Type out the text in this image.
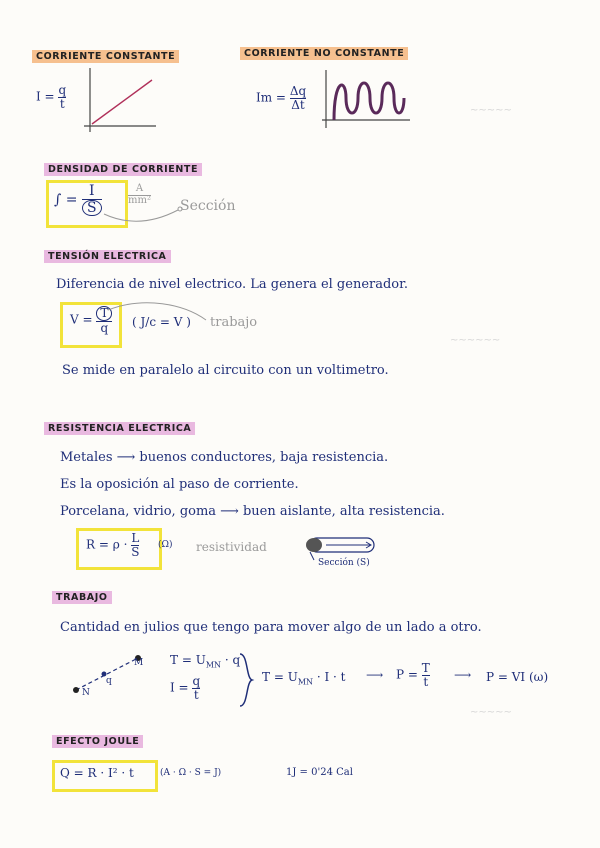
CORRIENTE CONSTANTE	CORRIENTE NO CONSTANTE
DENSIDAD DE CORRIENTE
TENSIÓN ELECTRICA
RESISTENCIA ELECTRICA
TRABAJO
EFECTO JOULE
~~~~~
~~~~~~
~~~~~
$I = \frac{q}{t}$	$Im = \frac{\Delta q}{\Delta t}$
∫ = $\frac{I}{S}$	$\frac{A}{\text{mm²}}$ Sección
Diferencia de nivel electrico. La genera el generador.
$V = \frac{T}{q}$ ( J/c = V ) trabajo
Se mide en paralelo al circuito con un voltimetro.
Metales ⟶ buenos conductores, baja resistencia.
Es la oposición al paso de corriente.
Porcelana, vidrio, goma ⟶ buen aislante, alta resistencia.
$R = \rho \cdot \frac{L}{S} (\Omega)$ resistividad
Sección (S)
Cantidad en julios que tengo para mover algo de un lado a otro.
M
N
q
$T = U_{MN} \cdot q$
$I = \frac{q}{t}$	$T = U_{MN} \cdot I \cdot t$ ⟶ $P = \frac{T}{t}$ ⟶ P = VI (ω)
Q = R · I² · t	(A · Ω · S = J)	1J = 0'24 Cal
